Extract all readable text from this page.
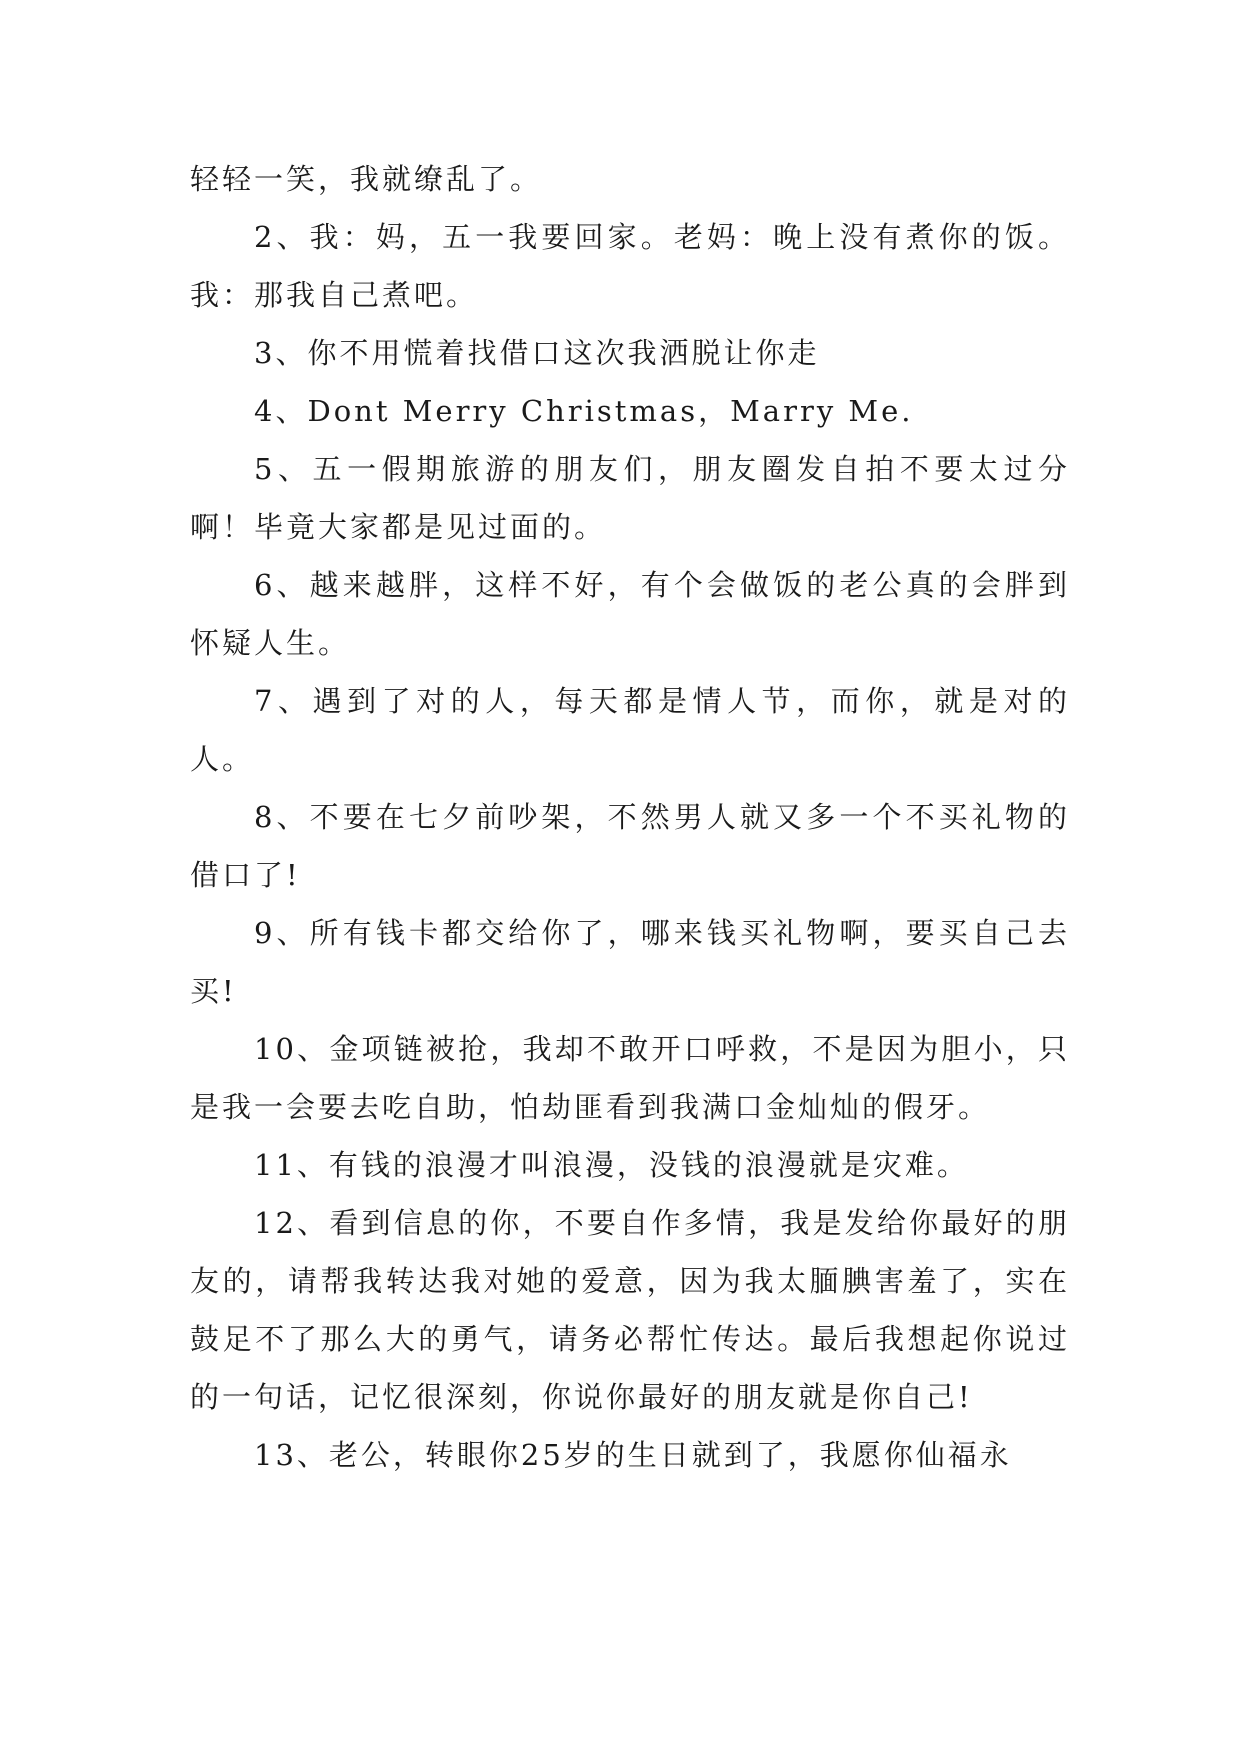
轻轻一笑，我就缭乱了。

2、我：妈，五一我要回家。老妈：晚上没有煮你的饭。我：那我自己煮吧。

3、你不用慌着找借口这次我洒脱让你走

4、Dont Merry Christmas，Marry Me.

5、五一假期旅游的朋友们，朋友圈发自拍不要太过分啊！毕竟大家都是见过面的。

6、越来越胖，这样不好，有个会做饭的老公真的会胖到怀疑人生。

7、遇到了对的人，每天都是情人节，而你，就是对的人。

8、不要在七夕前吵架，不然男人就又多一个不买礼物的借口了!

9、所有钱卡都交给你了，哪来钱买礼物啊，要买自己去买!

10、金项链被抢，我却不敢开口呼救，不是因为胆小，只是我一会要去吃自助，怕劫匪看到我满口金灿灿的假牙。

11、有钱的浪漫才叫浪漫，没钱的浪漫就是灾难。

12、看到信息的你，不要自作多情，我是发给你最好的朋友的，请帮我转达我对她的爱意，因为我太腼腆害羞了，实在鼓足不了那么大的勇气，请务必帮忙传达。最后我想起你说过的一句话，记忆很深刻，你说你最好的朋友就是你自己!

13、老公，转眼你25岁的生日就到了，我愿你仙福永
